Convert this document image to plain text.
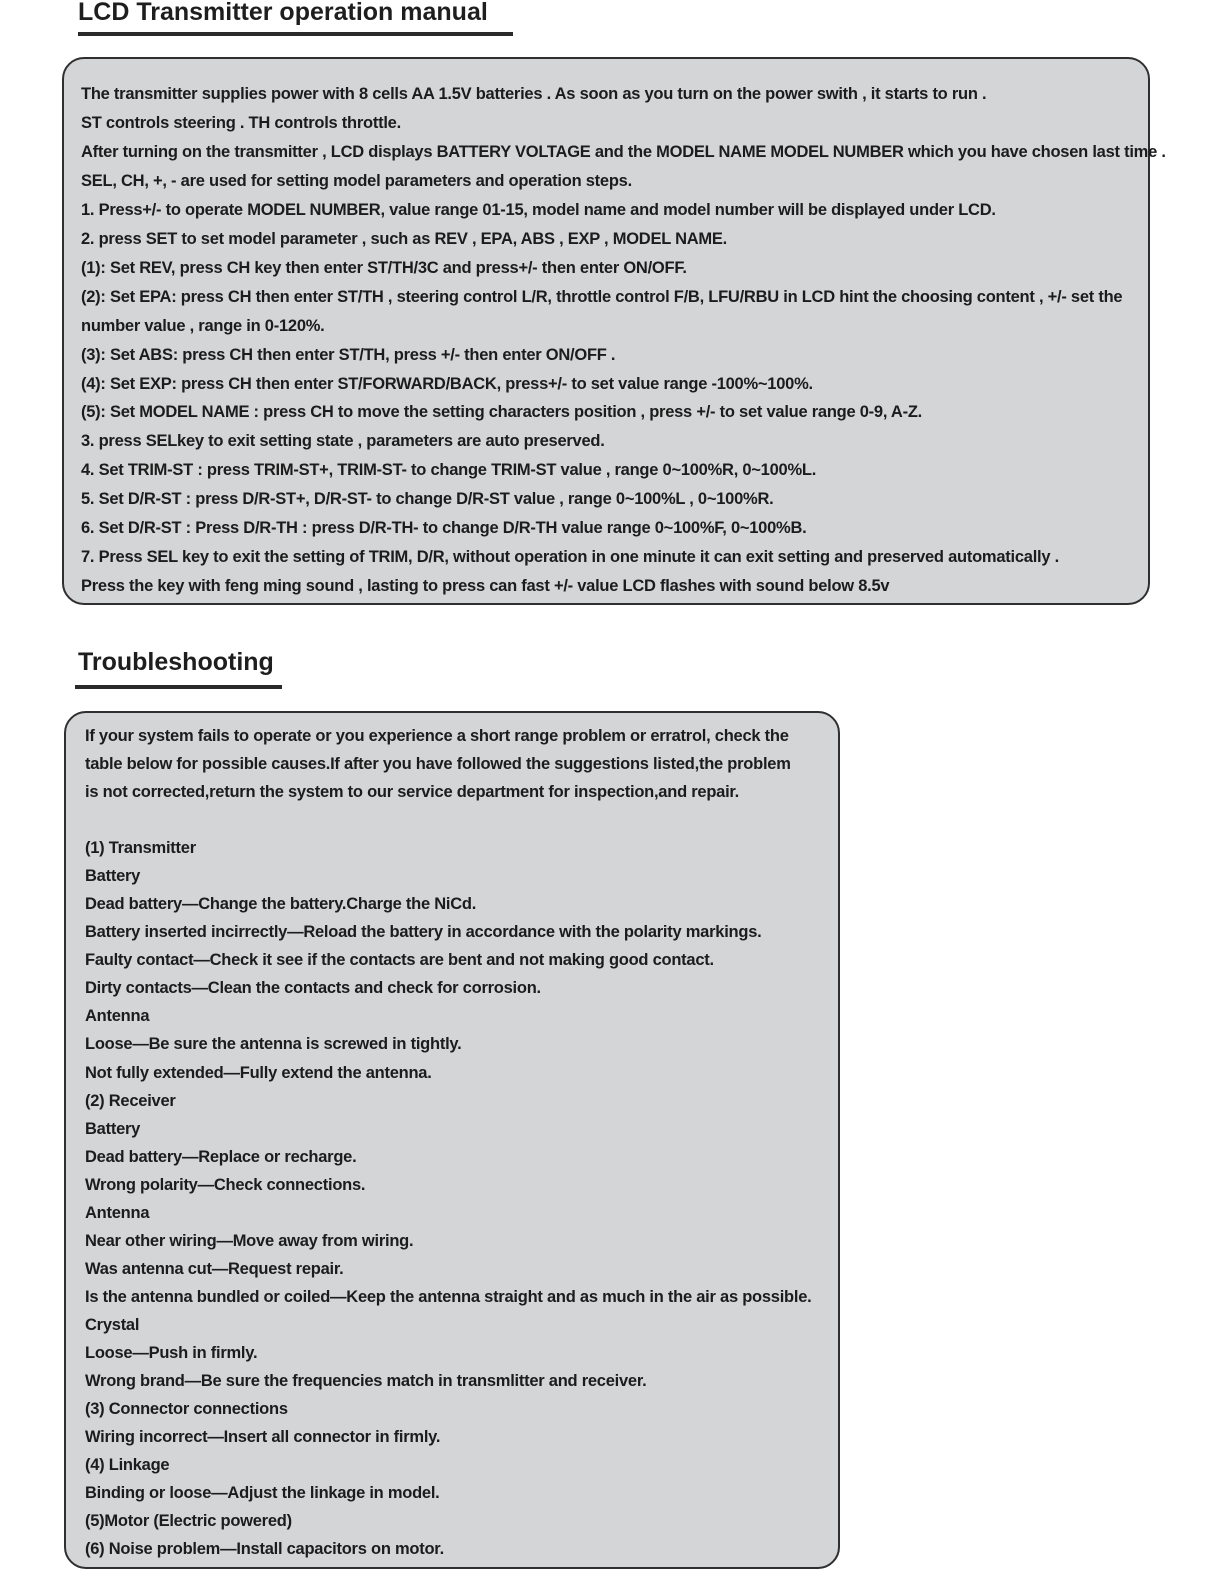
LCD Transmitter operation manual
The transmitter supplies power with 8 cells AA 1.5V batteries . As soon as you turn on the power swith , it starts to run .
ST controls steering . TH controls throttle.
After turning on the transmitter , LCD displays BATTERY VOLTAGE and the MODEL NAME MODEL NUMBER which you have chosen last time .
SEL, CH, +, - are used for setting model parameters and operation steps.
1. Press+/- to operate MODEL NUMBER, value range 01-15, model name and model number will be displayed under LCD.
2. press SET to set model parameter , such as REV , EPA, ABS , EXP , MODEL NAME.
(1): Set REV, press CH key then enter ST/TH/3C and press+/- then enter ON/OFF.
(2): Set EPA: press CH then enter ST/TH , steering control L/R, throttle control F/B, LFU/RBU in LCD hint the choosing content , +/- set the
number value , range in 0-120%.
(3): Set ABS: press CH then enter ST/TH, press +/- then enter ON/OFF .
(4): Set EXP: press CH then enter ST/FORWARD/BACK, press+/- to set value range -100%~100%.
(5): Set MODEL NAME : press CH to move the setting characters position , press +/- to set value range 0-9, A-Z.
3. press SELkey to exit setting state , parameters are auto preserved.
4. Set TRIM-ST : press TRIM-ST+, TRIM-ST- to change TRIM-ST value , range 0~100%R, 0~100%L.
5. Set D/R-ST : press D/R-ST+, D/R-ST- to change D/R-ST value , range 0~100%L , 0~100%R.
6. Set D/R-ST : Press D/R-TH : press D/R-TH- to change D/R-TH value range 0~100%F, 0~100%B.
7. Press SEL key to exit the setting of TRIM, D/R, without operation in one minute it can exit setting and preserved automatically .
Press the key with feng ming sound , lasting to press can fast +/- value LCD flashes with sound below 8.5v
Troubleshooting
If your system fails to operate or you experience a short range problem or erratrol, check the
table below for possible causes.If after you have followed the suggestions listed,the problem
is not corrected,return the system to our service department for inspection,and repair.
(1) Transmitter
Battery
Dead battery—Change the battery.Charge the NiCd.
Battery inserted incirrectly—Reload the battery in accordance with the polarity markings.
Faulty contact—Check it see if the contacts are bent and not making good contact.
Dirty contacts—Clean the contacts and check for corrosion.
Antenna
Loose—Be sure the antenna is screwed in tightly.
Not fully extended—Fully extend the antenna.
(2) Receiver
Battery
Dead battery—Replace or recharge.
Wrong polarity—Check connections.
Antenna
Near other wiring—Move away from wiring.
Was antenna cut—Request repair.
Is the antenna bundled or coiled—Keep the antenna straight and as much in the air as possible.
Crystal
Loose—Push in firmly.
Wrong brand—Be sure the frequencies match in transmlitter and receiver.
(3) Connector connections
Wiring incorrect—Insert all connector in firmly.
(4) Linkage
Binding or loose—Adjust the linkage in model.
(5)Motor (Electric powered)
(6) Noise problem—Install capacitors on motor.
